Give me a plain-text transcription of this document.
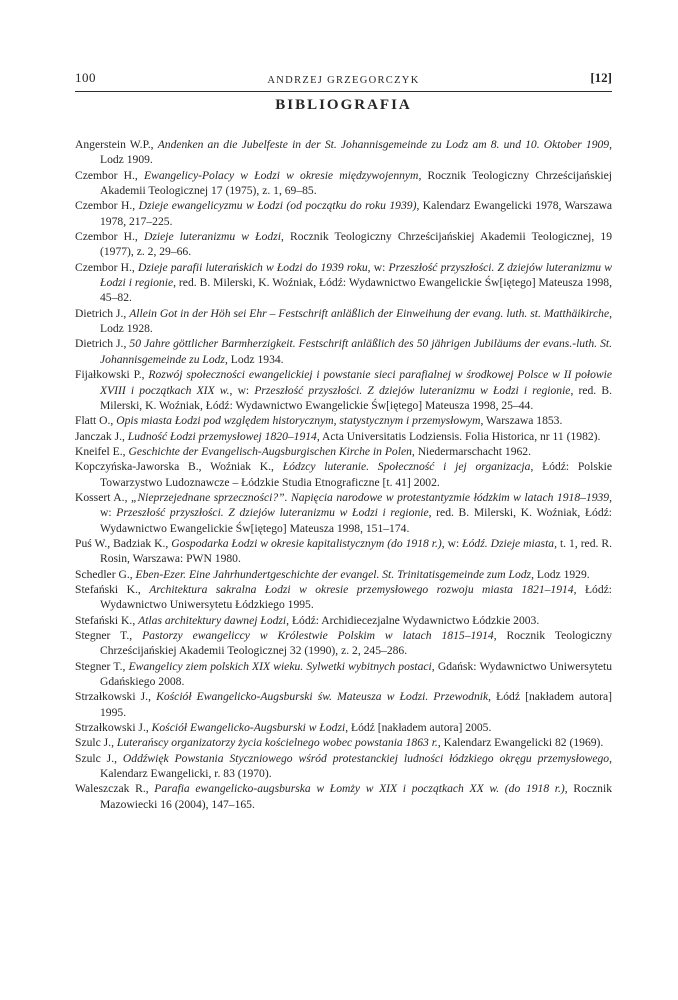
100	ANDRZEJ GRZEGORCZYK	[12]
BIBLIOGRAFIA

Angerstein W.P., Andenken an die Jubelfeste in der St. Johannisgemeinde zu Lodz am 8. und 10. Oktober 1909, Lodz 1909.

Czembor H., Ewangelicy-Polacy w Łodzi w okresie międzywojennym, Rocznik Teologiczny Chrześcijańskiej Akademii Teologicznej 17 (1975), z. 1, 69–85.

Czembor H., Dzieje ewangelicyzmu w Łodzi (od początku do roku 1939), Kalendarz Ewangelicki 1978, Warszawa 1978, 217–225.

Czembor H., Dzieje luteranizmu w Łodzi, Rocznik Teologiczny Chrześcijańskiej Akademii Teologicznej, 19 (1977), z. 2, 29–66.

Czembor H., Dzieje parafii luterańskich w Łodzi do 1939 roku, w: Przeszłość przyszłości. Z dziejów luteranizmu w Łodzi i regionie, red. B. Milerski, K. Woźniak, Łódź: Wydawnictwo Ewangelickie Św[iętego] Mateusza 1998, 45–82.

Dietrich J., Allein Got in der Höh sei Ehr – Festschrift anläßlich der Einweihung der evang. luth. st. Matthäikirche, Lodz 1928.

Dietrich J., 50 Jahre göttlicher Barmherzigkeit. Festschrift anläßlich des 50 jährigen Jubiläums der evans.-luth. St. Johannisgemeinde zu Lodz, Lodz 1934.

Fijałkowski P., Rozwój społeczności ewangelickiej i powstanie sieci parafialnej w środkowej Polsce w II połowie XVIII i początkach XIX w., w: Przeszłość przyszłości. Z dziejów luteranizmu w Łodzi i regionie, red. B. Milerski, K. Woźniak, Łódź: Wydawnictwo Ewangelickie Św[iętego] Mateusza 1998, 25–44.

Flatt O., Opis miasta Łodzi pod względem historycznym, statystycznym i przemysłowym, Warszawa 1853.

Janczak J., Ludność Łodzi przemysłowej 1820–1914, Acta Universitatis Lodziensis. Folia Historica, nr 11 (1982).

Kneifel E., Geschichte der Evangelisch-Augsburgischen Kirche in Polen, Niedermarschacht 1962.

Kopczyńska-Jaworska B., Woźniak K., Łódzcy luteranie. Społeczność i jej organizacja, Łódź: Polskie Towarzystwo Ludoznawcze – Łódzkie Studia Etnograficzne [t. 41] 2002.

Kossert A., „Nieprzejednane sprzeczności?”. Napięcia narodowe w protestantyzmie łódzkim w latach 1918–1939, w: Przeszłość przyszłości. Z dziejów luteranizmu w Łodzi i regionie, red. B. Milerski, K. Woźniak, Łódź: Wydawnictwo Ewangelickie Św[iętego] Mateusza 1998, 151–174.

Puś W., Badziak K., Gospodarka Łodzi w okresie kapitalistycznym (do 1918 r.), w: Łódź. Dzieje miasta, t. 1, red. R. Rosin, Warszawa: PWN 1980.

Schedler G., Eben-Ezer. Eine Jahrhundertgeschichte der evangel. St. Trinitatisgemeinde zum Lodz, Lodz 1929.

Stefański K., Architektura sakralna Łodzi w okresie przemysłowego rozwoju miasta 1821–1914, Łódź: Wydawnictwo Uniwersytetu Łódzkiego 1995.

Stefański K., Atlas architektury dawnej Łodzi, Łódź: Archidiecezjalne Wydawnictwo Łódzkie 2003.

Stegner T., Pastorzy ewangeliccy w Królestwie Polskim w latach 1815–1914, Rocznik Teologiczny Chrześcijańskiej Akademii Teologicznej 32 (1990), z. 2, 245–286.

Stegner T., Ewangelicy ziem polskich XIX wieku. Sylwetki wybitnych postaci, Gdańsk: Wydawnictwo Uniwersytetu Gdańskiego 2008.

Strzałkowski J., Kościół Ewangelicko-Augsburski św. Mateusza w Łodzi. Przewodnik, Łódź [nakładem autora] 1995.

Strzałkowski J., Kościół Ewangelicko-Augsburski w Łodzi, Łódź [nakładem autora] 2005.

Szulc J., Luterańscy organizatorzy życia kościelnego wobec powstania 1863 r., Kalendarz Ewangelicki 82 (1969).

Szulc J., Oddźwięk Powstania Styczniowego wśród protestanckiej ludności łódzkiego okręgu przemysłowego, Kalendarz Ewangelicki, r. 83 (1970).

Waleszczak R., Parafia ewangelicko-augsburska w Łomży w XIX i początkach XX w. (do 1918 r.), Rocznik Mazowiecki 16 (2004), 147–165.
